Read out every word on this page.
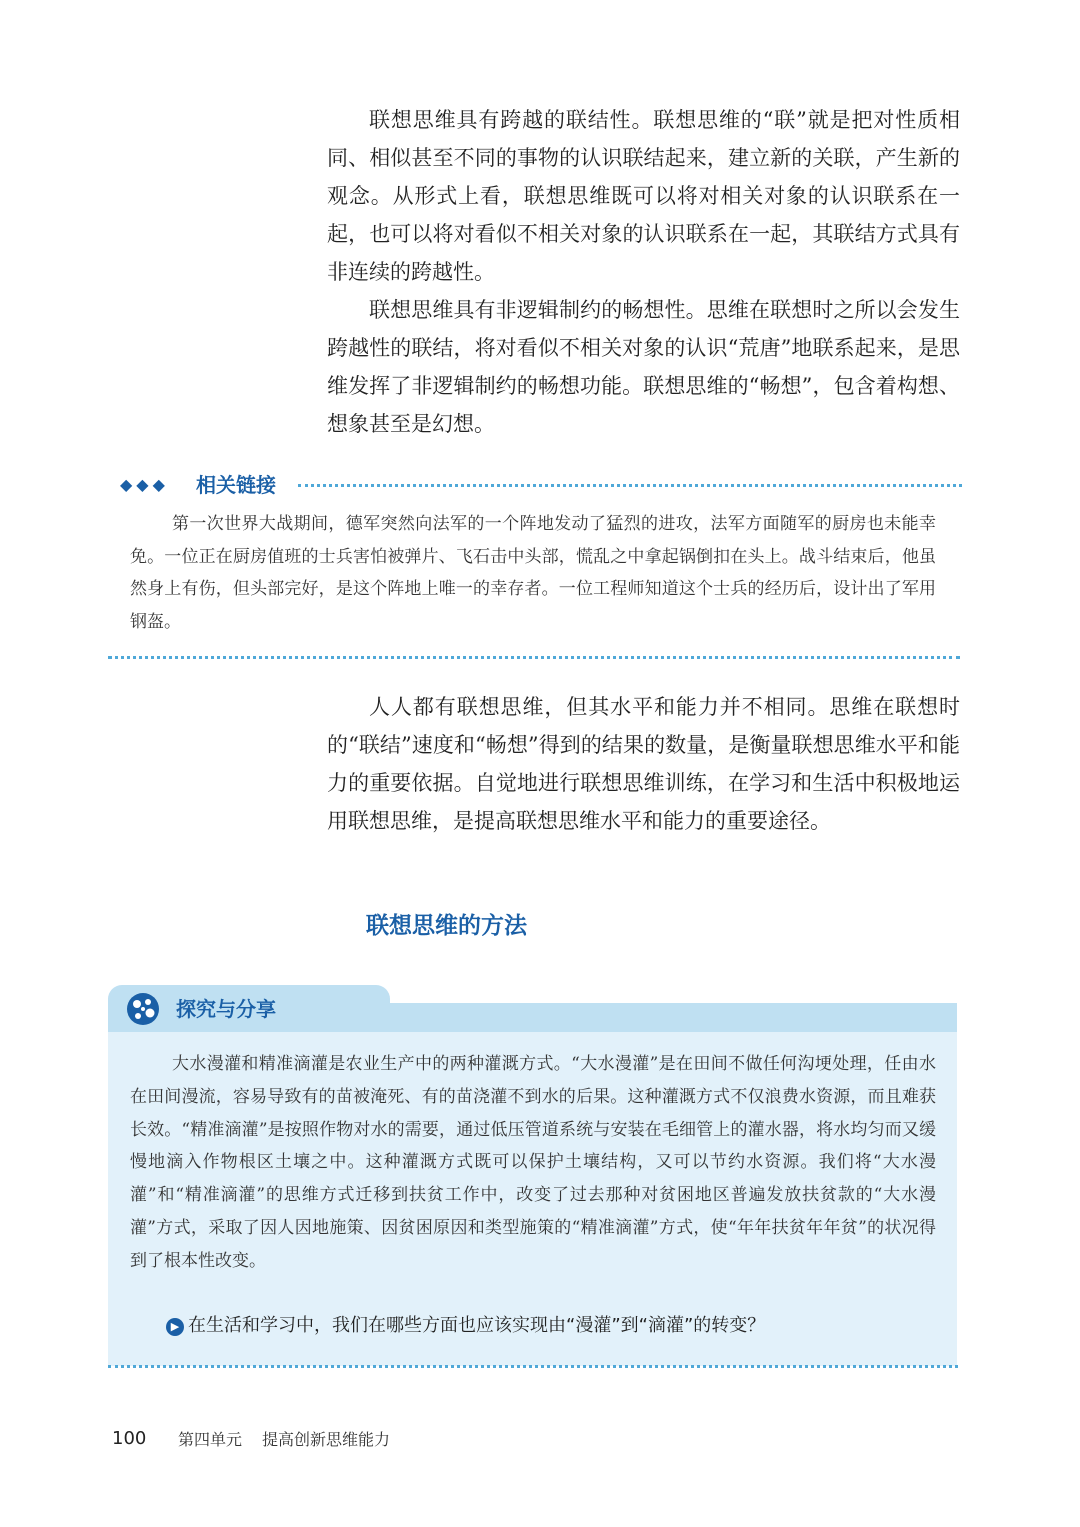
联想思维具有跨越的联结性。联想思维的“联”就是把对性质相同、相似甚至不同的事物的认识联结起来，建立新的关联，产生新的观念。从形式上看，联想思维既可以将对相关对象的认识联系在一起，也可以将对看似不相关对象的认识联系在一起，其联结方式具有非连续的跨越性。

联想思维具有非逻辑制约的畅想性。思维在联想时之所以会发生跨越性的联结，将对看似不相关对象的认识“荒唐”地联系起来，是思维发挥了非逻辑制约的畅想功能。联想思维的“畅想”，包含着构想、想象甚至是幻想。

◆◆◆ 相关链接

第一次世界大战期间，德军突然向法军的一个阵地发动了猛烈的进攻，法军方面随军的厨房也未能幸免。一位正在厨房值班的士兵害怕被弹片、飞石击中头部，慌乱之中拿起锅倒扣在头上。战斗结束后，他虽然身上有伤，但头部完好，是这个阵地上唯一的幸存者。一位工程师知道这个士兵的经历后，设计出了军用钢盔。

人人都有联想思维，但其水平和能力并不相同。思维在联想时的“联结”速度和“畅想”得到的结果的数量，是衡量联想思维水平和能力的重要依据。自觉地进行联想思维训练，在学习和生活中积极地运用联想思维，是提高联想思维水平和能力的重要途径。

联想思维的方法
探究与分享

大水漫灌和精准滴灌是农业生产中的两种灌溉方式。“大水漫灌”是在田间不做任何沟埂处理，任由水在田间漫流，容易导致有的苗被淹死、有的苗浇灌不到水的后果。这种灌溉方式不仅浪费水资源，而且难获长效。“精准滴灌”是按照作物对水的需要，通过低压管道系统与安装在毛细管上的灌水器，将水均匀而又缓慢地滴入作物根区土壤之中。这种灌溉方式既可以保护土壤结构，又可以节约水资源。我们将“大水漫灌”和“精准滴灌”的思维方式迁移到扶贫工作中，改变了过去那种对贫困地区普遍发放扶贫款的“大水漫灌”方式，采取了因人因地施策、因贫困原因和类型施策的“精准滴灌”方式，使“年年扶贫年年贫”的状况得到了根本性改变。

▶ 在生活和学习中，我们在哪些方面也应该实现由“漫灌”到“滴灌”的转变？
100 第四单元 提高创新思维能力
